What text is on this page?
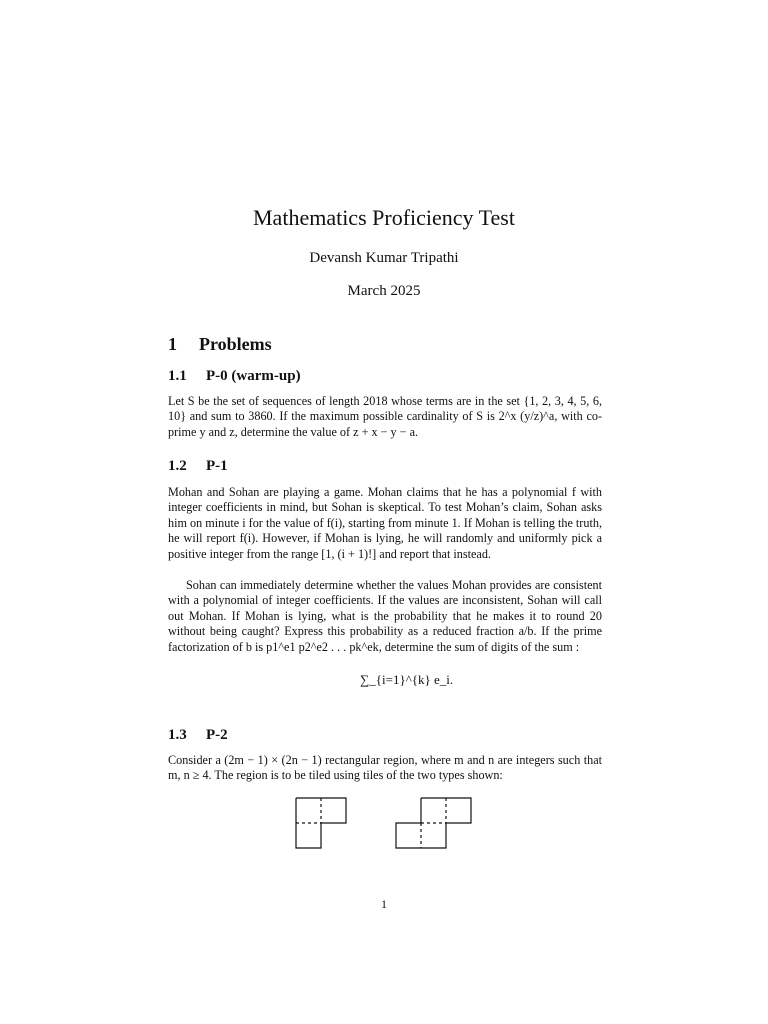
Mathematics Proficiency Test
Devansh Kumar Tripathi
March 2025
1 Problems
1.1 P-0 (warm-up)
Let S be the set of sequences of length 2018 whose terms are in the set {1, 2, 3, 4, 5, 6, 10} and sum to 3860. If the maximum possible cardinality of S is 2^x (y/z)^a, with co-prime y and z, determine the value of z + x − y − a.
1.2 P-1
Mohan and Sohan are playing a game. Mohan claims that he has a polynomial f with integer coefficients in mind, but Sohan is skeptical. To test Mohan’s claim, Sohan asks him on minute i for the value of f(i), starting from minute 1. If Mohan is telling the truth, he will report f(i). However, if Mohan is lying, he will randomly and uniformly pick a positive integer from the range [1, (i + 1)!] and report that instead.
Sohan can immediately determine whether the values Mohan provides are consistent with a polynomial of integer coefficients. If the values are inconsistent, Sohan will call out Mohan. If Mohan is lying, what is the probability that he makes it to round 20 without being caught? Express this probability as a reduced fraction a/b. If the prime factorization of b is p1^e1 p2^e2 . . . pk^ek, determine the sum of digits of the sum :
∑_{i=1}^{k} e_i.
1.3 P-2
Consider a (2m − 1) × (2n − 1) rectangular region, where m and n are integers such that m, n ≥ 4. The region is to be tiled using tiles of the two types shown:
1
